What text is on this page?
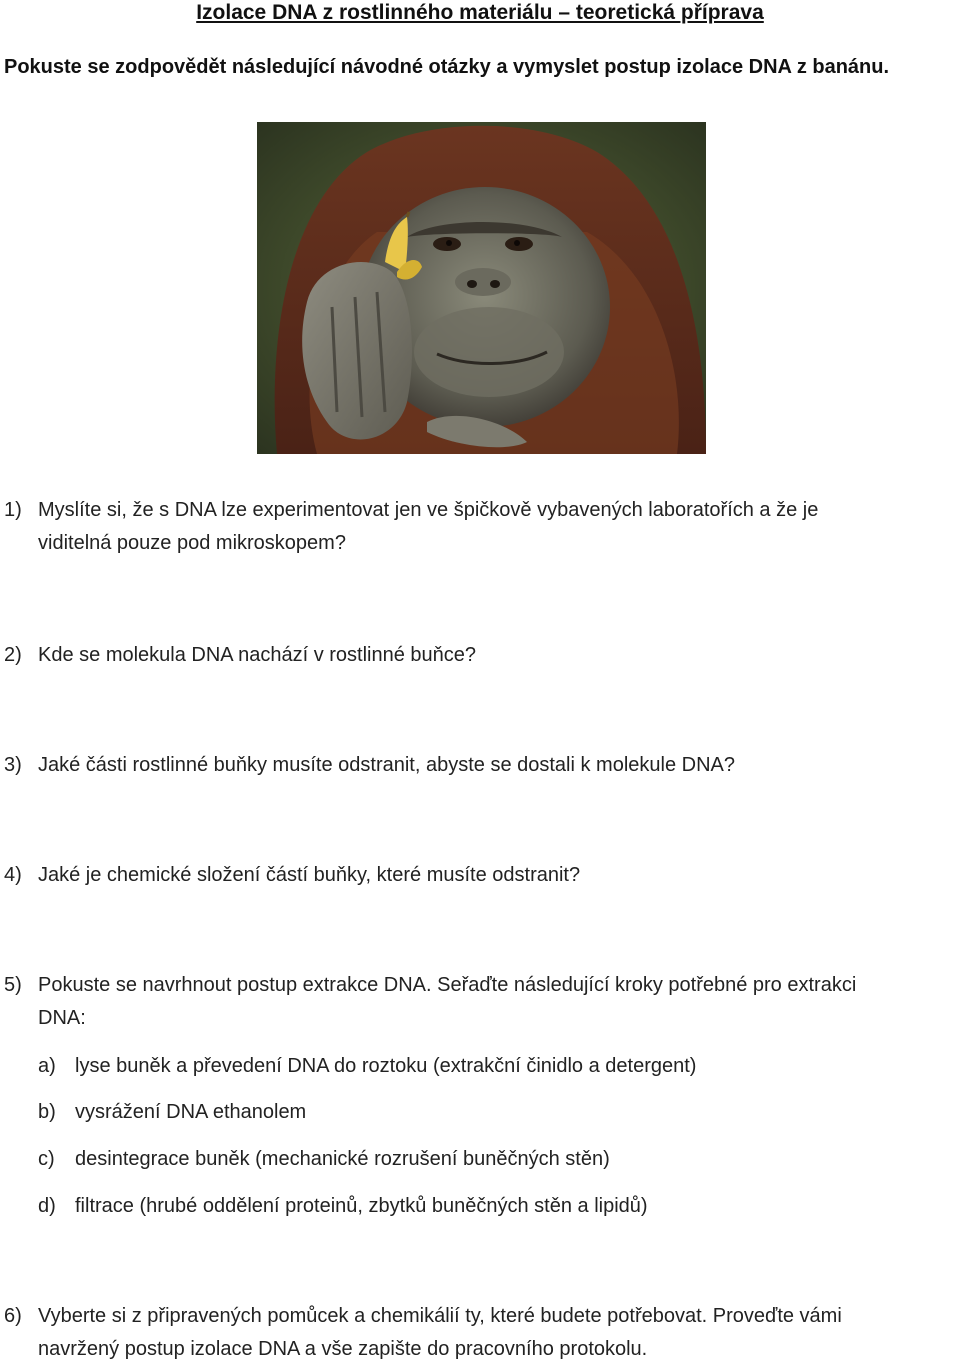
Izolace DNA z rostlinného materiálu – teoretická příprava
Pokuste se zodpovědět následující návodné otázky a vymyslet postup izolace DNA z banánu.
1) Myslíte si, že s DNA lze experimentovat jen ve špičkově vybavených laboratořích a že je
viditelná pouze pod mikroskopem?
2) Kde se molekula DNA nachází v rostlinné buňce?
3) Jaké části rostlinné buňky musíte odstranit, abyste se dostali k molekule DNA?
4) Jaké je chemické složení částí buňky, které musíte odstranit?
5) Pokuste se navrhnout postup extrakce DNA. Seřaďte následující kroky potřebné pro extrakci
DNA:
a) lyse buněk a převedení DNA do roztoku (extrakční činidlo a detergent)
b) vysrážení DNA ethanolem
c)	desintegrace buněk (mechanické rozrušení buněčných stěn)
d) filtrace (hrubé oddělení proteinů, zbytků buněčných stěn a lipidů)
6) Vyberte si z připravených pomůcek a chemikálií ty, které budete potřebovat. Proveďte vámi
navržený postup izolace DNA a vše zapište do pracovního protokolu.
